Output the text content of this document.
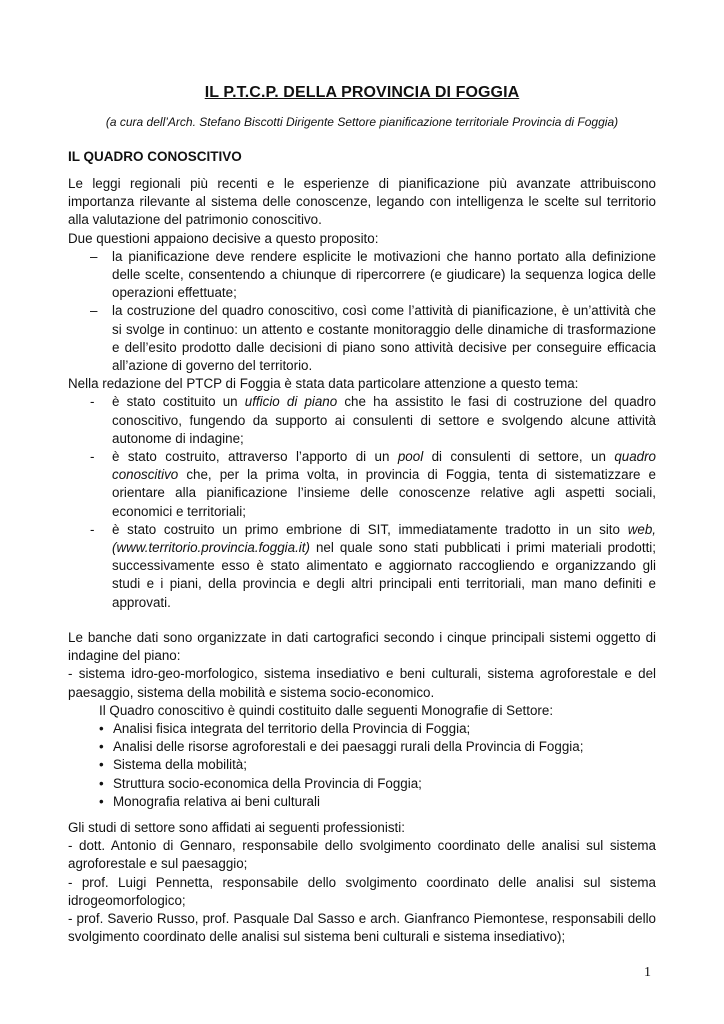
IL P.T.C.P. DELLA PROVINCIA DI FOGGIA
(a cura dell’Arch. Stefano Biscotti Dirigente Settore pianificazione territoriale Provincia di Foggia)
IL QUADRO CONOSCITIVO

Le leggi regionali più recenti e le esperienze di pianificazione più avanzate attribuiscono importanza rilevante al sistema delle conoscenze, legando con intelligenza le scelte sul territorio alla valutazione del patrimonio conoscitivo.

Due questioni appaiono decisive a questo proposito:

– la pianificazione deve rendere esplicite le motivazioni che hanno portato alla definizione delle scelte, consentendo a chiunque di ripercorrere (e giudicare) la sequenza logica delle operazioni effettuate;
– la costruzione del quadro conoscitivo, così come l’attività di pianificazione, è un’attività che si svolge in continuo: un attento e costante monitoraggio delle dinamiche di trasformazione e dell’esito prodotto dalle decisioni di piano sono attività decisive per conseguire efficacia all’azione di governo del territorio.

Nella redazione del PTCP di Foggia è stata data particolare attenzione a questo tema:

- è stato costituito un ufficio di piano che ha assistito le fasi di costruzione del quadro conoscitivo, fungendo da supporto ai consulenti di settore e svolgendo alcune attività autonome di indagine;
- è stato costruito, attraverso l’apporto di un pool di consulenti di settore, un quadro conoscitivo che, per la prima volta, in provincia di Foggia, tenta di sistematizzare e orientare alla pianificazione l’insieme delle conoscenze relative agli aspetti sociali, economici e territoriali;
- è stato costruito un primo embrione di SIT, immediatamente tradotto in un sito web,(www.territorio.provincia.foggia.it) nel quale sono stati pubblicati i primi materiali prodotti; successivamente esso è stato alimentato e aggiornato raccogliendo e organizzando gli studi e i piani, della provincia e degli altri principali enti territoriali, man mano definiti e approvati.

Le banche dati sono organizzate in dati cartografici secondo i cinque principali sistemi oggetto di indagine del piano:

- sistema idro-geo-morfologico, sistema insediativo e beni culturali, sistema agroforestale e del paesaggio, sistema della mobilità e sistema socio-economico.

Il Quadro conoscitivo è quindi costituito dalle seguenti Monografie di Settore:

• Analisi fisica integrata del territorio della Provincia di Foggia;
• Analisi delle risorse agroforestali e dei paesaggi rurali della Provincia di Foggia;
• Sistema della mobilità;
• Struttura socio-economica della Provincia di Foggia;
• Monografia relativa ai beni culturali

Gli studi di settore sono affidati ai seguenti professionisti:

- dott. Antonio di Gennaro, responsabile dello svolgimento coordinato delle analisi sul sistema agroforestale e sul paesaggio;

- prof. Luigi Pennetta, responsabile dello svolgimento coordinato delle analisi sul sistema idrogeomorfologico;

- prof. Saverio Russo, prof. Pasquale Dal Sasso e arch. Gianfranco Piemontese, responsabili dello svolgimento coordinato delle analisi sul sistema beni culturali e sistema insediativo);

1
